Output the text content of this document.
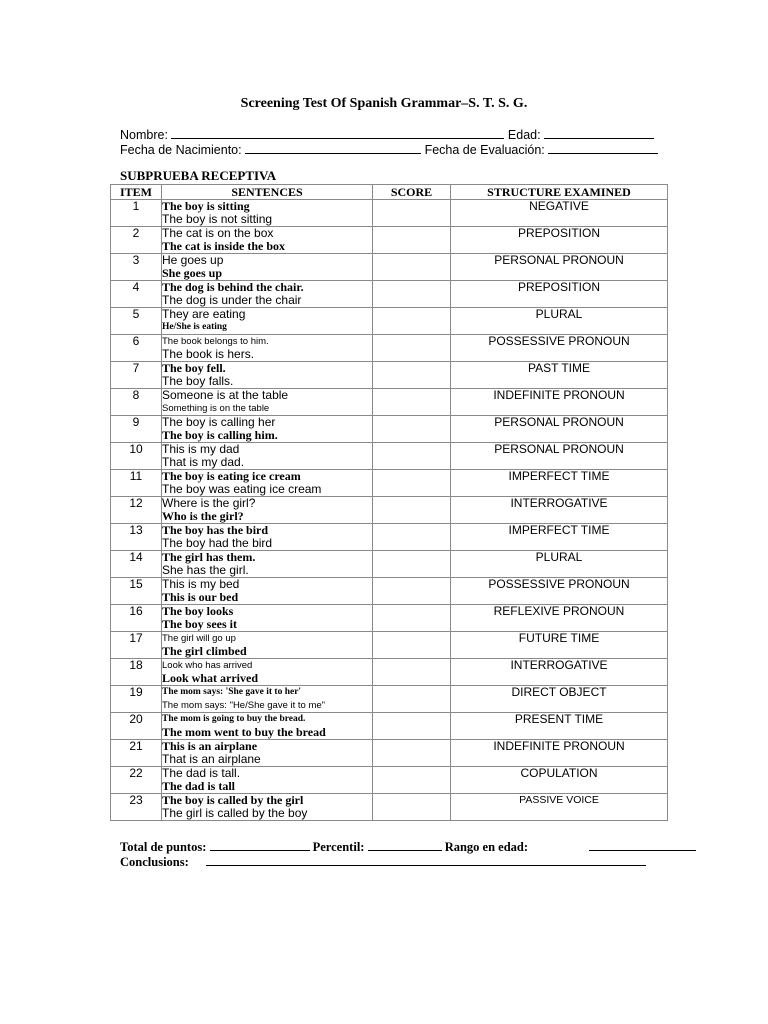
Screening Test Of Spanish Grammar–S. T. S. G.
Nombre:	Edad:
Fecha de Nacimiento:	Fecha de Evaluación:
SUBPRUEBA RECEPTIVA
ITEM	SENTENCES	SCORE	STRUCTURE EXAMINED
1	The boy is sitting
The boy is not sitting		NEGATIVE
2	The cat is on the box
The cat is inside the box		PREPOSITION
3	He goes up
She goes up		PERSONAL PRONOUN
4	The dog is behind the chair.
The dog is under the chair		PREPOSITION
5	They are eating
He/She is eating		PLURAL
6	The book belongs to him.
The book is hers.		POSSESSIVE PRONOUN
7	The boy fell.
The boy falls.		PAST TIME
8	Someone is at the table
Something is on the table		INDEFINITE PRONOUN
9	The boy is calling her
The boy is calling him.		PERSONAL PRONOUN
10	This is my dad
That is my dad.		PERSONAL PRONOUN
11	The boy is eating ice cream
The boy was eating ice cream		IMPERFECT TIME
12	Where is the girl?
Who is the girl?		INTERROGATIVE
13	The boy has the bird
The boy had the bird		IMPERFECT TIME
14	The girl has them.
She has the girl.		PLURAL
15	This is my bed
This is our bed		POSSESSIVE PRONOUN
16	The boy looks
The boy sees it		REFLEXIVE PRONOUN
17	The girl will go up
The girl climbed		FUTURE TIME
18	Look who has arrived
Look what arrived		INTERROGATIVE
19	The mom says: 'She gave it to her'
The mom says: "He/She gave it to me"		DIRECT OBJECT
20	The mom is going to buy the bread.
The mom went to buy the bread		PRESENT TIME
21	This is an airplane
That is an airplane		INDEFINITE PRONOUN
22	The dad is tall.
The dad is tall		COPULATION
23	The boy is called by the girl
The girl is called by the boy		PASSIVE VOICE
Total de puntos:	Percentil:	Rango en edad:
Conclusions:
